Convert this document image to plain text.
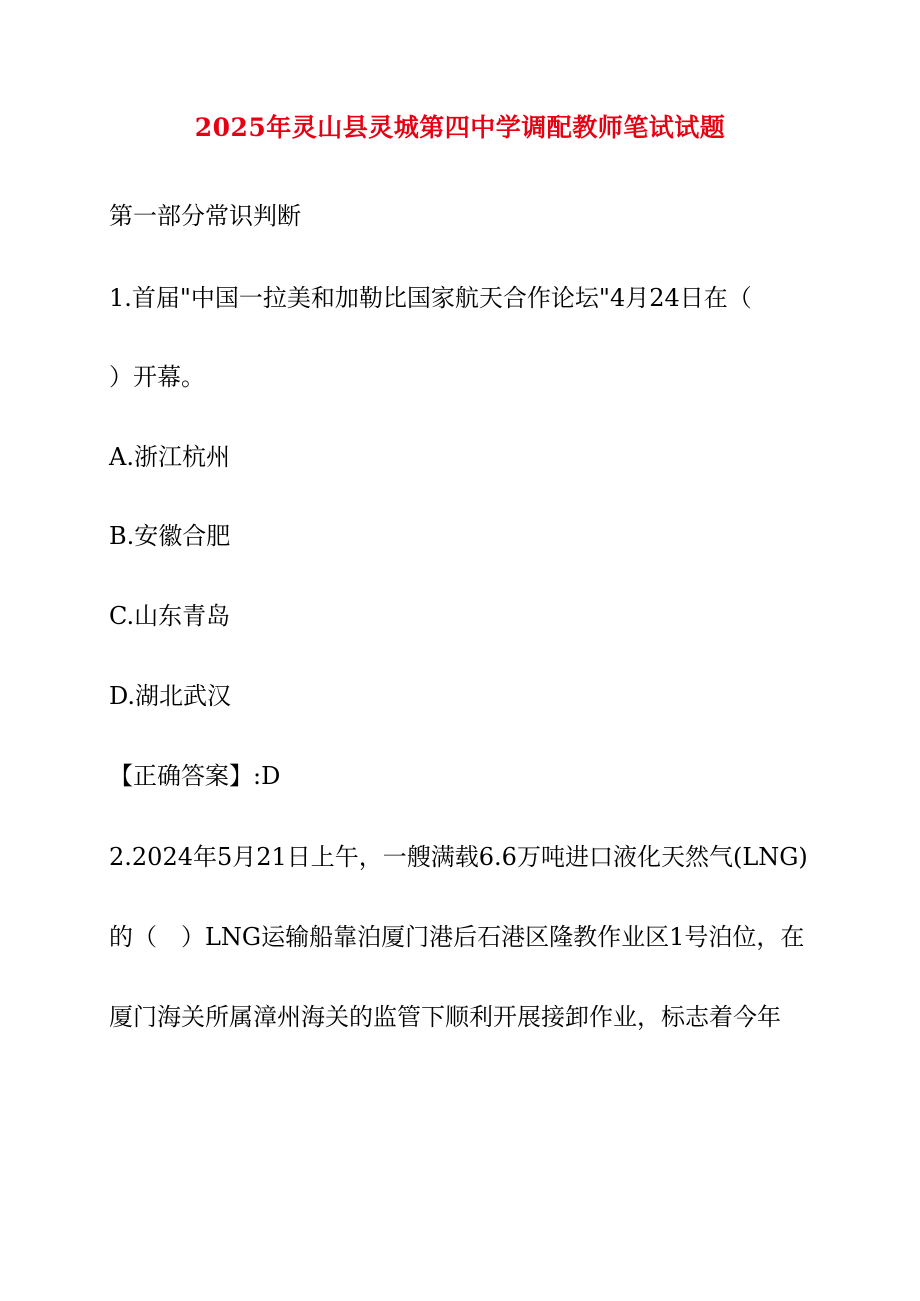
2025年灵山县灵城第四中学调配教师笔试试题
第一部分常识判断
1.首届"中国一拉美和加勒比国家航天合作论坛"4月24日在（
）开幕。
A.浙江杭州
B.安徽合肥
C.山东青岛
D.湖北武汉
【正确答案】:D
2.2024年5月21日上午，一艘满载6.6万吨进口液化天然气(LNG)
的（　）LNG运输船靠泊厦门港后石港区隆教作业区1号泊位，在
厦门海关所属漳州海关的监管下顺利开展接卸作业，标志着今年
